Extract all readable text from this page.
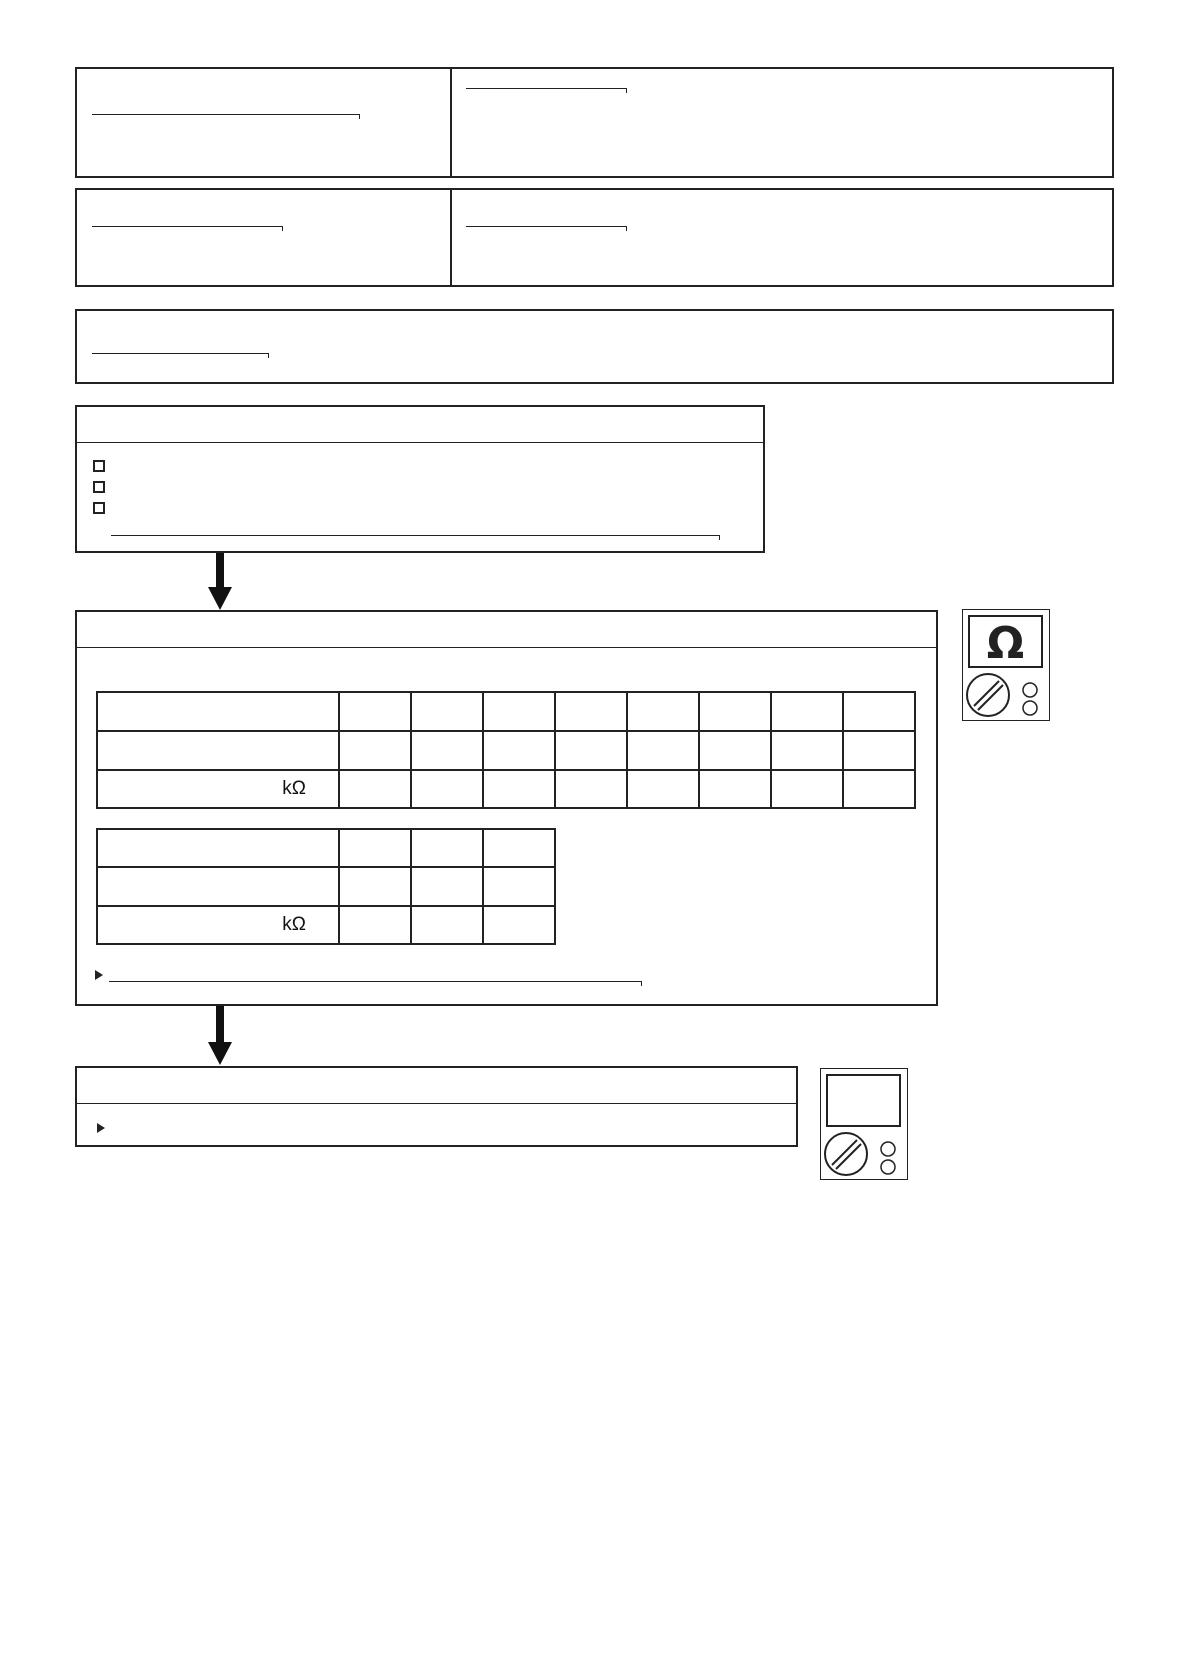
kΩ								

kΩ			
Ω
